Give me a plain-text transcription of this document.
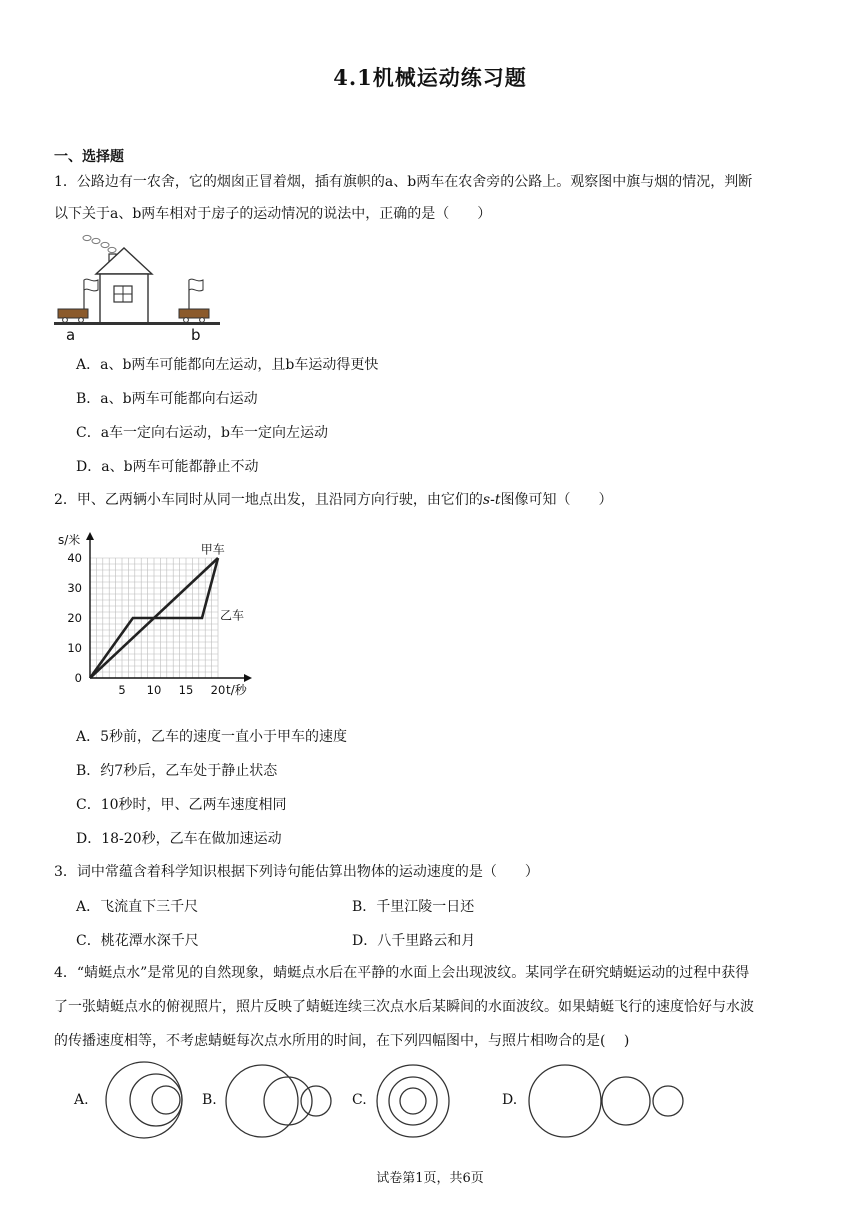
4.1机械运动练习题
一、选择题
1．公路边有一农舍，它的烟囱正冒着烟，插有旗帜的a、b两车在农舍旁的公路上。观察图中旗与烟的情况，判断
以下关于a、b两车相对于房子的运动情况的说法中，正确的是（　　）
a	b
A．a、b两车可能都向左运动，且b车运动得更快
B．a、b两车可能都向右运动
C．a车一定向右运动，b车一定向左运动
D．a、b两车可能都静止不动
2．甲、乙两辆小车同时从同一地点出发，且沿同方向行驶，由它们的s-t图像可知（　　）
0
10
20
30
40
5 10 15 20
s/米
t/秒
甲车
乙车
A．5秒前，乙车的速度一直小于甲车的速度
B．约7秒后，乙车处于静止状态
C．10秒时，甲、乙两车速度相同
D．18-20秒，乙车在做加速运动
3．词中常蕴含着科学知识根据下列诗句能估算出物体的运动速度的是（　　）
A．飞流直下三千尺	B．千里江陵一日还
C．桃花潭水深千尺	D．八千里路云和月
4．“蜻蜓点水”是常见的自然现象，蜻蜓点水后在平静的水面上会出现波纹。某同学在研究蜻蜓运动的过程中获得
了一张蜻蜓点水的俯视照片，照片反映了蜻蜓连续三次点水后某瞬间的水面波纹。如果蜻蜓飞行的速度恰好与水波
的传播速度相等，不考虑蜻蜓每次点水所用的时间，在下列四幅图中，与照片相吻合的是(　 )
A.	B.	C.	D.
试卷第1页，共6页
